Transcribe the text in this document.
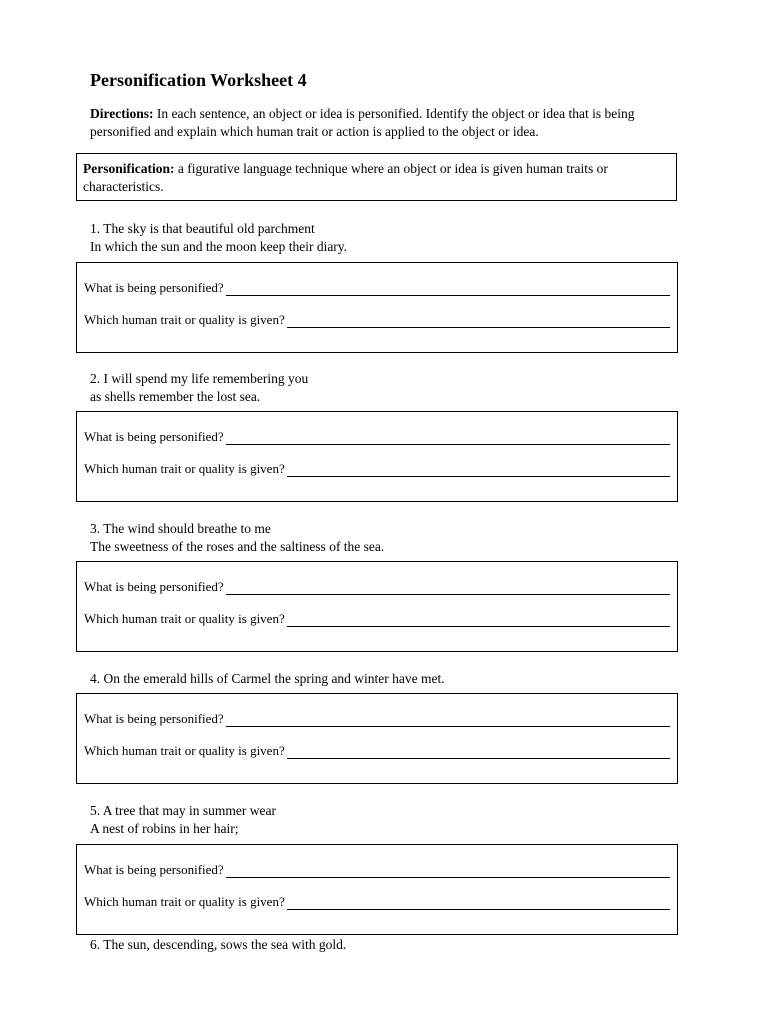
Personification Worksheet 4
Directions: In each sentence, an object or idea is personified. Identify the object or idea that is being personified and explain which human trait or action is applied to the object or idea.
Personification: a figurative language technique where an object or idea is given human traits or characteristics.
1. The sky is that beautiful old parchment
In which the sun and the moon keep their diary.
What is being personified?
Which human trait or quality is given?
2. I will spend my life remembering you
as shells remember the lost sea.
What is being personified?
Which human trait or quality is given?
3. The wind should breathe to me
The sweetness of the roses and the saltiness of the sea.
What is being personified?
Which human trait or quality is given?
4. On the emerald hills of Carmel the spring and winter have met.
What is being personified?
Which human trait or quality is given?
5. A tree that may in summer wear
A nest of robins in her hair;
What is being personified?
Which human trait or quality is given?
6. The sun, descending, sows the sea with gold.
